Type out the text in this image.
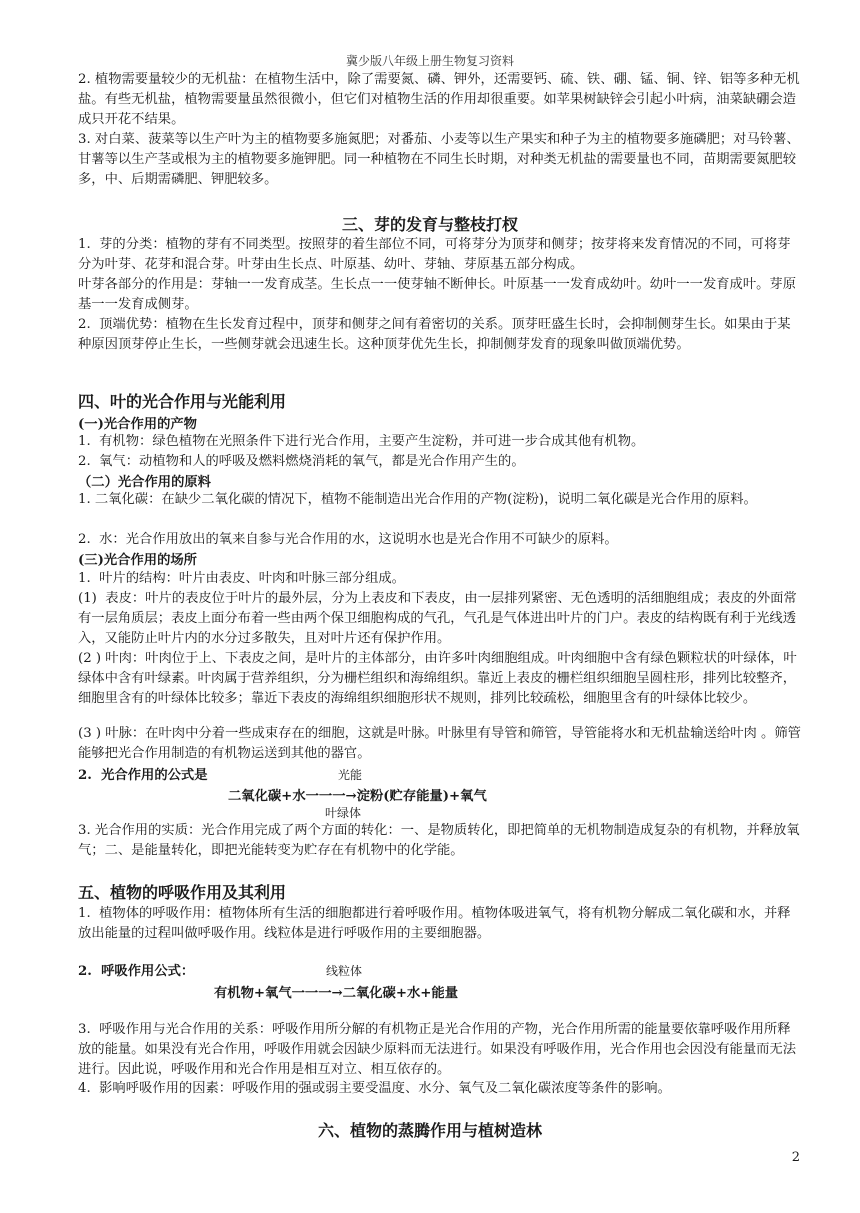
冀少版八年级上册生物复习资料
2. 植物需要量较少的无机盐：在植物生活中，除了需要氮、磷、钾外，还需要钙、硫、铁、硼、锰、铜、锌、铝等多种无机盐。有些无机盐，植物需要量虽然很微小，但它们对植物生活的作用却很重要。如苹果树缺锌会引起小叶病，油菜缺硼会造成只开花不结果。
3. 对白菜、菠菜等以生产叶为主的植物要多施氮肥；对番茄、小麦等以生产果实和种子为主的植物要多施磷肥；对马铃薯、甘薯等以生产茎或根为主的植物要多施钾肥。同一种植物在不同生长时期，对种类无机盐的需要量也不同，苗期需要氮肥较多，中、后期需磷肥、钾肥较多。
三、芽的发育与整枝打杈
1.  芽的分类：植物的芽有不同类型。按照芽的着生部位不同，可将芽分为顶芽和侧芽；按芽将来发育情况的不同，可将芽分为叶芽、花芽和混合芽。叶芽由生长点、叶原基、幼叶、芽轴、芽原基五部分构成。
叶芽各部分的作用是：芽轴一一发育成茎。生长点一一使芽轴不断伸长。叶原基一一发育成幼叶。幼叶一一发育成叶。芽原基一一发育成侧芽。
2.  顶端优势：植物在生长发育过程中，顶芽和侧芽之间有着密切的关系。顶芽旺盛生长时，会抑制侧芽生长。如果由于某种原因顶芽停止生长，一些侧芽就会迅速生长。这种顶芽优先生长，抑制侧芽发育的现象叫做顶端优势。
四、叶的光合作用与光能利用
(一)光合作用的产物
1.  有机物：绿色植物在光照条件下进行光合作用，主要产生淀粉，并可进一步合成其他有机物。
2.  氧气：动植物和人的呼吸及燃料燃烧消耗的氧气，都是光合作用产生的。
（二）光合作用的原料
1. 二氧化碳：在缺少二氧化碳的情况下，植物不能制造出光合作用的产物(淀粉)，说明二氧化碳是光合作用的原料。
2.  水：光合作用放出的氧来自参与光合作用的水，这说明水也是光合作用不可缺少的原料。
(三)光合作用的场所
1.  叶片的结构：叶片由表皮、叶肉和叶脉三部分组成。
(1)  表皮：叶片的表皮位于叶片的最外层，分为上表皮和下表皮，由一层排列紧密、无色透明的活细胞组成；表皮的外面常有一层角质层；表皮上面分布着一些由两个保卫细胞构成的气孔，气孔是气体进出叶片的门户。表皮的结构既有利于光线透入，又能防止叶片内的水分过多散失，且对叶片还有保护作用。
(2 ) 叶肉：叶肉位于上、下表皮之间，是叶片的主体部分，由许多叶肉细胞组成。叶肉细胞中含有绿色颗粒状的叶绿体，叶绿体中含有叶绿素。叶肉属于营养组织，分为栅栏组织和海绵组织。靠近上表皮的栅栏组织细胞呈圆柱形，排列比较整齐，细胞里含有的叶绿体比较多；靠近下表皮的海绵组织细胞形状不规则，排列比较疏松，细胞里含有的叶绿体比较少。
(3 ) 叶脉：在叶肉中分着一些成束存在的细胞，这就是叶脉。叶脉里有导管和筛管，导管能将水和无机盐输送给叶肉 。筛管能够把光合作用制造的有机物运送到其他的器官。
2.  光合作用的公式是	光能
二氧化碳+水一一一→淀粉(贮存能量)+氧气
叶绿体
3. 光合作用的实质：光合作用完成了两个方面的转化：一、是物质转化，即把简单的无机物制造成复杂的有机物，并释放氧气；二、是能量转化，即把光能转变为贮存在有机物中的化学能。
五、植物的呼吸作用及其利用
1.  植物体的呼吸作用：植物体所有生活的细胞都进行着呼吸作用。植物体吸进氧气，将有机物分解成二氧化碳和水，并释放出能量的过程叫做呼吸作用。线粒体是进行呼吸作用的主要细胞器。
2.  呼吸作用公式：	线粒体
有机物+氧气一一一→二氧化碳+水+能量
3.  呼吸作用与光合作用的关系：呼吸作用所分解的有机物正是光合作用的产物，光合作用所需的能量要依靠呼吸作用所释放的能量。如果没有光合作用，呼吸作用就会因缺少原料而无法进行。如果没有呼吸作用，光合作用也会因没有能量而无法进行。因此说，呼吸作用和光合作用是相互对立、相互依存的。
4.  影响呼吸作用的因素：呼吸作用的强或弱主要受温度、水分、氧气及二氧化碳浓度等条件的影响。
六、植物的蒸腾作用与植树造林
2
